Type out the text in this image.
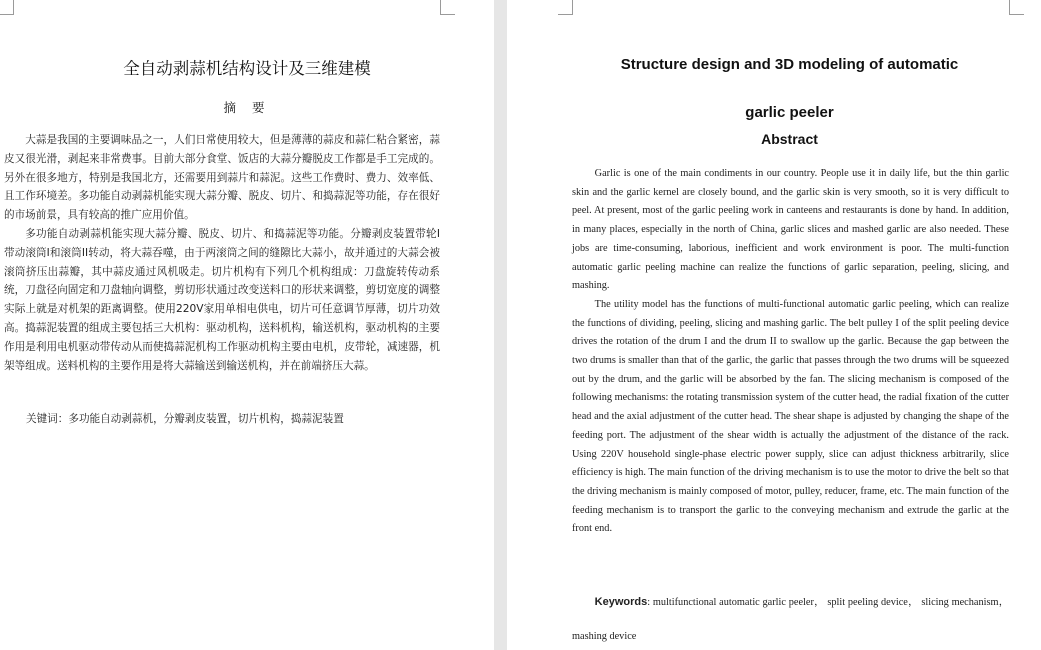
全自动剥蒜机结构设计及三维建模
摘 要

大蒜是我国的主要调味品之一，人们日常使用较大，但是薄薄的蒜皮和蒜仁粘合紧密，蒜皮又很光滑，剥起来非常费事。目前大部分食堂、饭店的大蒜分瓣脱皮工作都是手工完成的。另外在很多地方，特别是我国北方，还需要用到蒜片和蒜泥。这些工作费时、费力、效率低、且工作环境差。多功能自动剥蒜机能实现大蒜分瓣、脱皮、切片、和捣蒜泥等功能，存在很好的市场前景，具有较高的推广应用价值。

多功能自动剥蒜机能实现大蒜分瓣、脱皮、切片、和捣蒜泥等功能。分瓣剥皮装置带轮Ⅰ带动滚筒Ⅰ和滚筒ⅠⅠ转动，将大蒜吞噬，由于两滚筒之间的缝隙比大蒜小，故并通过的大蒜会被滚筒挤压出蒜瓣，其中蒜皮通过风机吸走。切片机构有下列几个机构组成：刀盘旋转传动系统，刀盘径向固定和刀盘轴向调整，剪切形状通过改变送料口的形状来调整，剪切宽度的调整实际上就是对机架的距离调整。使用220V家用单相电供电，切片可任意调节厚薄，切片功效高。捣蒜泥装置的组成主要包括三大机构：驱动机构，送料机构，输送机构，驱动机构的主要作用是利用电机驱动带传动从而使捣蒜泥机构工作驱动机构主要由电机，皮带轮，减速器，机架等组成。送料机构的主要作用是将大蒜输送到输送机构，并在前端挤压大蒜。

关键词：多功能自动剥蒜机，分瓣剥皮装置，切片机构，捣蒜泥装置
Structure design and 3D modeling of automatic
garlic peeler
Abstract

Garlic is one of the main condiments in our country. People use it in daily life, but the thin garlic skin and the garlic kernel are closely bound, and the garlic skin is very smooth, so it is very difficult to peel. At present, most of the garlic peeling work in canteens and restaurants is done by hand. In addition, in many places, especially in the north of China, garlic slices and mashed garlic are also needed. These jobs are time-consuming, laborious, inefficient and work environment is poor. The multi-function automatic garlic peeling machine can realize the functions of garlic separation, peeling, slicing, and mashing.

The utility model has the functions of multi-functional automatic garlic peeling, which can realize the functions of dividing, peeling, slicing and mashing garlic. The belt pulley I of the split peeling device drives the rotation of the drum I and the drum II to swallow up the garlic. Because the gap between the two drums is smaller than that of the garlic, the garlic that passes through the two drums will be squeezed out by the drum, and the garlic will be absorbed by the fan. The slicing mechanism is composed of the following mechanisms: the rotating transmission system of the cutter head, the radial fixation of the cutter head and the axial adjustment of the cutter head. The shear shape is adjusted by changing the shape of the feeding port. The adjustment of the shear width is actually the adjustment of the distance of the rack. Using 220V household single-phase electric power supply, slice can adjust thickness arbitrarily, slice efficiency is high. The main function of the driving mechanism is to use the motor to drive the belt so that the driving mechanism is mainly composed of motor, pulley, reducer, frame, etc. The main function of the feeding mechanism is to transport the garlic to the conveying mechanism and extrude the garlic at the front end.

Keywords: multifunctional automatic garlic peeler， split peeling device， slicing mechanism，mashing device
